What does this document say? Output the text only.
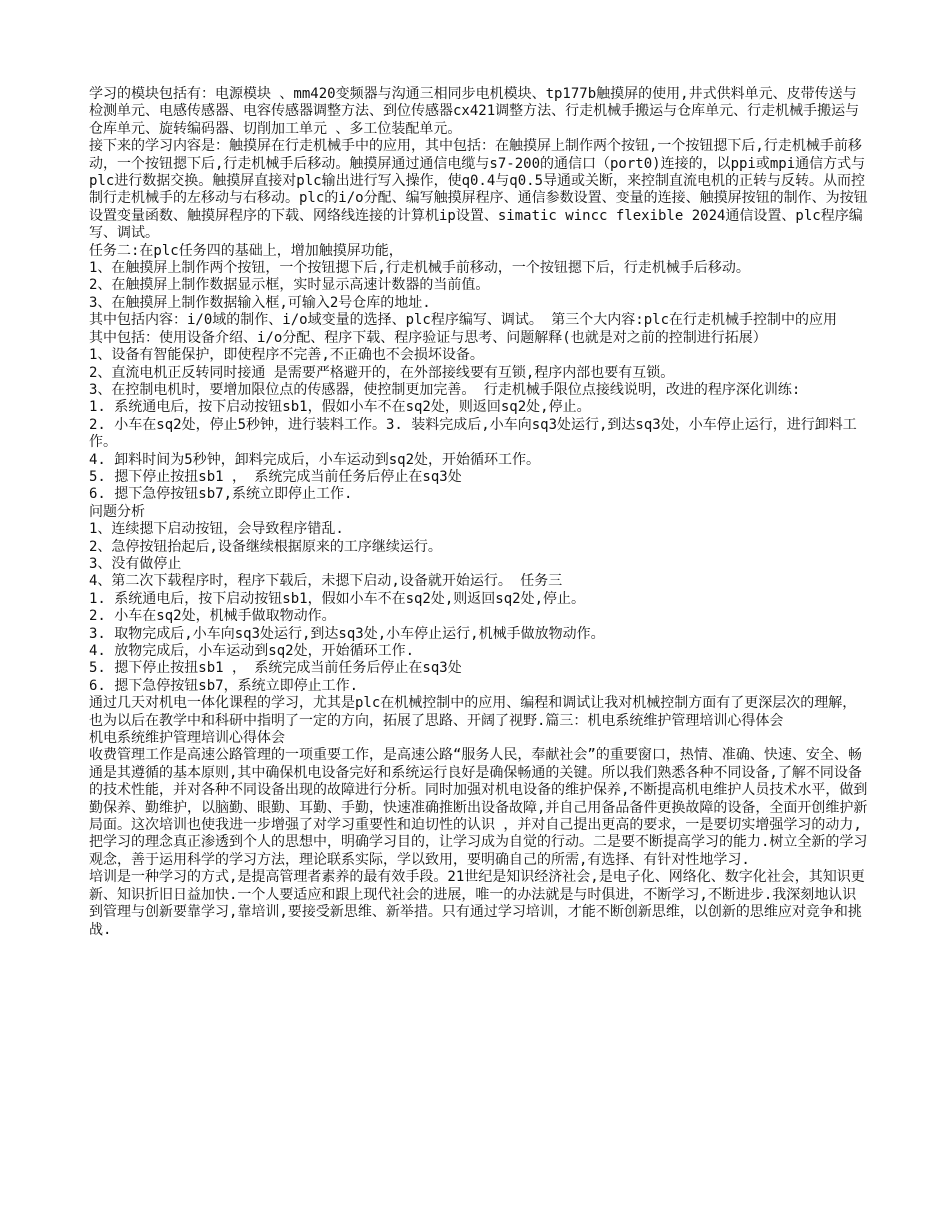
学习的模块包括有：电源模块 、mm420变频器与沟通三相同步电机模块、tp177b触摸屏的使用,井式供料单元、皮带传送与检测单元、电感传感器、电容传感器调整方法、到位传感器cx421调整方法、行走机械手搬运与仓库单元、行走机械手搬运与仓库单元、旋转编码器、切削加工单元 、多工位装配单元。

接下来的学习内容是：触摸屏在行走机械手中的应用，其中包括：在触摸屏上制作两个按钮,一个按钮摁下后,行走机械手前移动，一个按钮摁下后,行走机械手后移动。触摸屏通过通信电缆与s7-200的通信口（port0)连接的，以ppi或mpi通信方式与plc进行数据交换。触摸屏直接对plc输出进行写入操作，使q0.4与q0.5导通或关断，来控制直流电机的正转与反转。从而控制行走机械手的左移动与右移动。plc的i/o分配、编写触摸屏程序、通信参数设置、变量的连接、触摸屏按钮的制作、为按钮设置变量函数、触摸屏程序的下载、网络线连接的计算机ip设置、simatic wincc flexible 2024通信设置、plc程序编写、调试。

任务二:在plc任务四的基础上，增加触摸屏功能，

1、在触摸屏上制作两个按钮，一个按钮摁下后,行走机械手前移动，一个按钮摁下后，行走机械手后移动。

2、在触摸屏上制作数据显示框，实时显示高速计数器的当前值。

3、在触摸屏上制作数据输入框,可输入2号仓库的地址.

其中包括内容：i/0域的制作、i/o域变量的选择、plc程序编写、调试。 第三个大内容:plc在行走机械手控制中的应用

其中包括：使用设备介绍、i/o分配、程序下载、程序验证与思考、问题解释(也就是对之前的控制进行拓展）

1、设备有智能保护，即使程序不完善,不正确也不会损坏设备。

2、直流电机正反转同时接通 是需要严格避开的，在外部接线要有互锁,程序内部也要有互锁。

3、在控制电机时，要增加限位点的传感器，使控制更加完善。 行走机械手限位点接线说明，改进的程序深化训练:

1. 系统通电后，按下启动按钮sb1，假如小车不在sq2处，则返回sq2处,停止。

2. 小车在sq2处，停止5秒钟，进行装料工作。3. 装料完成后,小车向sq3处运行,到达sq3处，小车停止运行，进行卸料工作。

4. 卸料时间为5秒钟，卸料完成后，小车运动到sq2处，开始循环工作。

5. 摁下停止按扭sb1 ， 系统完成当前任务后停止在sq3处

6. 摁下急停按钮sb7,系统立即停止工作.

问题分析

1、连续摁下启动按钮，会导致程序错乱.

2、急停按钮抬起后,设备继续根据原来的工序继续运行。

3、没有做停止

4、第二次下载程序时，程序下载后，未摁下启动,设备就开始运行。 任务三

1. 系统通电后，按下启动按钮sb1，假如小车不在sq2处,则返回sq2处,停止。

2. 小车在sq2处，机械手做取物动作。

3. 取物完成后,小车向sq3处运行,到达sq3处,小车停止运行,机械手做放物动作。

4. 放物完成后，小车运动到sq2处，开始循环工作.

5. 摁下停止按扭sb1 ， 系统完成当前任务后停止在sq3处

6. 摁下急停按钮sb7，系统立即停止工作.

通过几天对机电一体化课程的学习，尤其是plc在机械控制中的应用、编程和调试让我对机械控制方面有了更深层次的理解，也为以后在教学中和科研中指明了一定的方向，拓展了思路、开阔了视野.篇三：机电系统维护管理培训心得体会

机电系统维护管理培训心得体会

收费管理工作是高速公路管理的一项重要工作，是高速公路“服务人民，奉献社会”的重要窗口，热情、准确、快速、安全、畅通是其遵循的基本原则,其中确保机电设备完好和系统运行良好是确保畅通的关键。所以我们熟悉各种不同设备,了解不同设备的技术性能，并对各种不同设备出现的故障进行分析。同时加强对机电设备的维护保养,不断提高机电维护人员技术水平，做到勤保养、勤维护，以脑勤、眼勤、耳勤、手勤，快速准确推断出设备故障,并自己用备品备件更换故障的设备，全面开创维护新局面。这次培训也使我进一步增强了对学习重要性和迫切性的认识 ，并对自己提出更高的要求，一是要切实增强学习的动力,把学习的理念真正渗透到个人的思想中，明确学习目的，让学习成为自觉的行动。二是要不断提高学习的能力.树立全新的学习观念，善于运用科学的学习方法，理论联系实际，学以致用，要明确自己的所需,有选择、有针对性地学习.

培训是一种学习的方式,是提高管理者素养的最有效手段。21世纪是知识经济社会,是电子化、网络化、数字化社会，其知识更新、知识折旧日益加快.一个人要适应和跟上现代社会的进展，唯一的办法就是与时俱进，不断学习,不断进步.我深刻地认识到管理与创新要靠学习,靠培训,要接受新思维、新举措。只有通过学习培训，才能不断创新思维，以创新的思维应对竞争和挑战.
